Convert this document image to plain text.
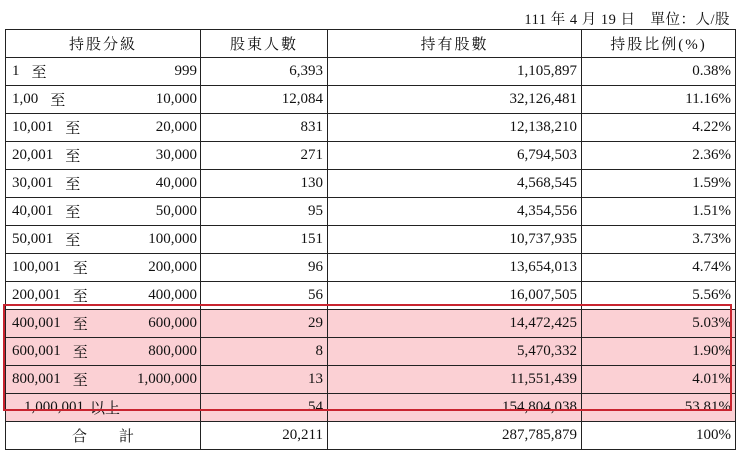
111 年 4 月 19 日　單位：人/股
持股分級	股東人數	持有股數	持股比例(%)

1 至 999	6,393	1,105,897	0.38%

1,00 至 10,000	12,084	32,126,481	11.16%

10,001 至 20,000	831	12,138,210	4.22%

20,001 至 30,000	271	6,794,503	2.36%

30,001 至 40,000	130	4,568,545	1.59%

40,001 至 50,000	95	4,354,556	1.51%

50,001 至 100,000	151	10,737,935	3.73%

100,001 至 200,000	96	13,654,013	4.74%

200,001 至 400,000	56	16,007,505	5.56%

400,001 至 600,000	29	14,472,425	5.03%

600,001 至 800,000	8	5,470,332	1.90%

800,001 至 1,000,000	13	11,551,439	4.01%

1,000,001 以上	54	154,804,038	53.81%

合 計	20,211	287,785,879	100%
